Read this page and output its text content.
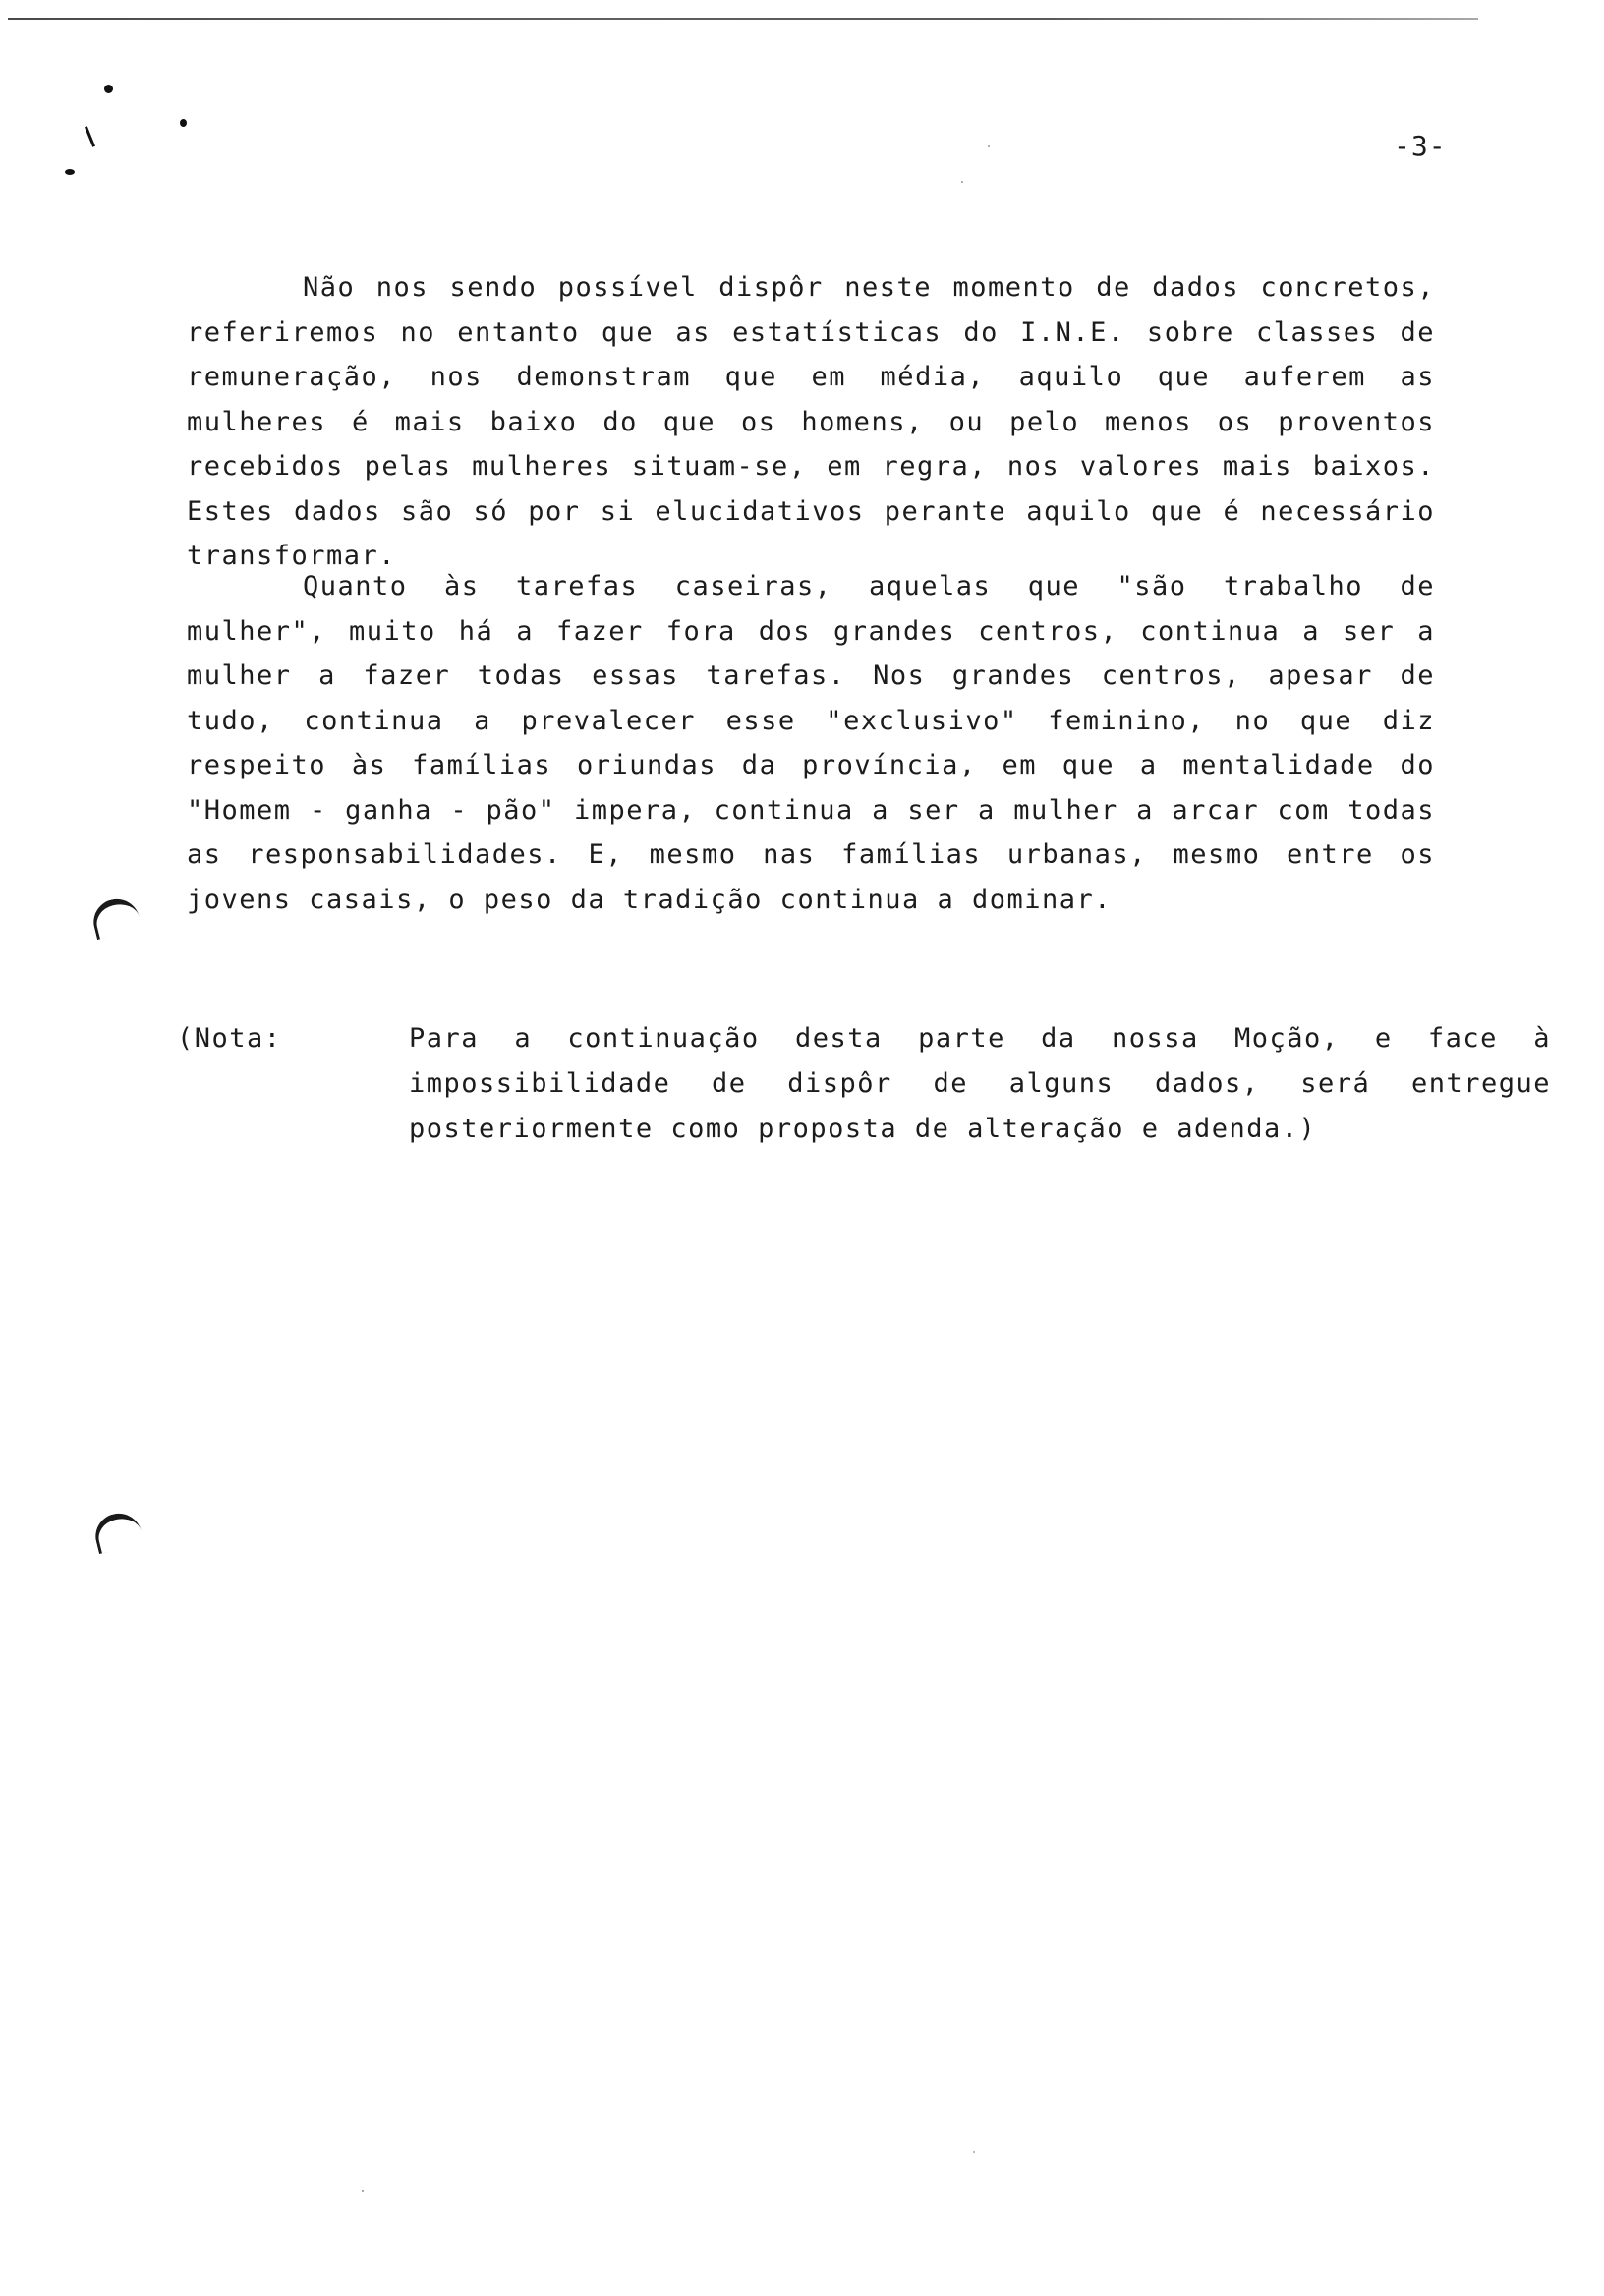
-3-

Não nos sendo possível dispôr neste momento de dados concretos, referiremos no entanto que as estatísticas do I.N.E. sobre classes de remuneração, nos demonstram que em média, aquilo que auferem as mulheres é mais baixo do que os homens, ou pelo menos os proventos recebidos pelas mulheres situam-se, em regra, nos valores mais baixos. Estes dados são só por si elucidativos perante aquilo que é necessário transformar.

Quanto às tarefas caseiras, aquelas que "são trabalho de mulher", muito há a fazer fora dos grandes centros, continua a ser a mulher a fazer todas essas tarefas. Nos grandes centros, apesar de tudo, continua a prevalecer esse "exclusivo" feminino, no que diz respeito às famílias oriundas da província, em que a mentalidade do "Homem - ganha - pão" impera, continua a ser a mulher a arcar com todas as responsabilidades. E, mesmo nas famílias urbanas, mesmo entre os jovens casais, o peso da tradição continua a dominar.

(Nota:	Para a continuação desta parte da nossa Moção, e face à impossibilidade de dispôr de alguns dados, será entregue posteriormente como proposta de alteração e adenda.)
